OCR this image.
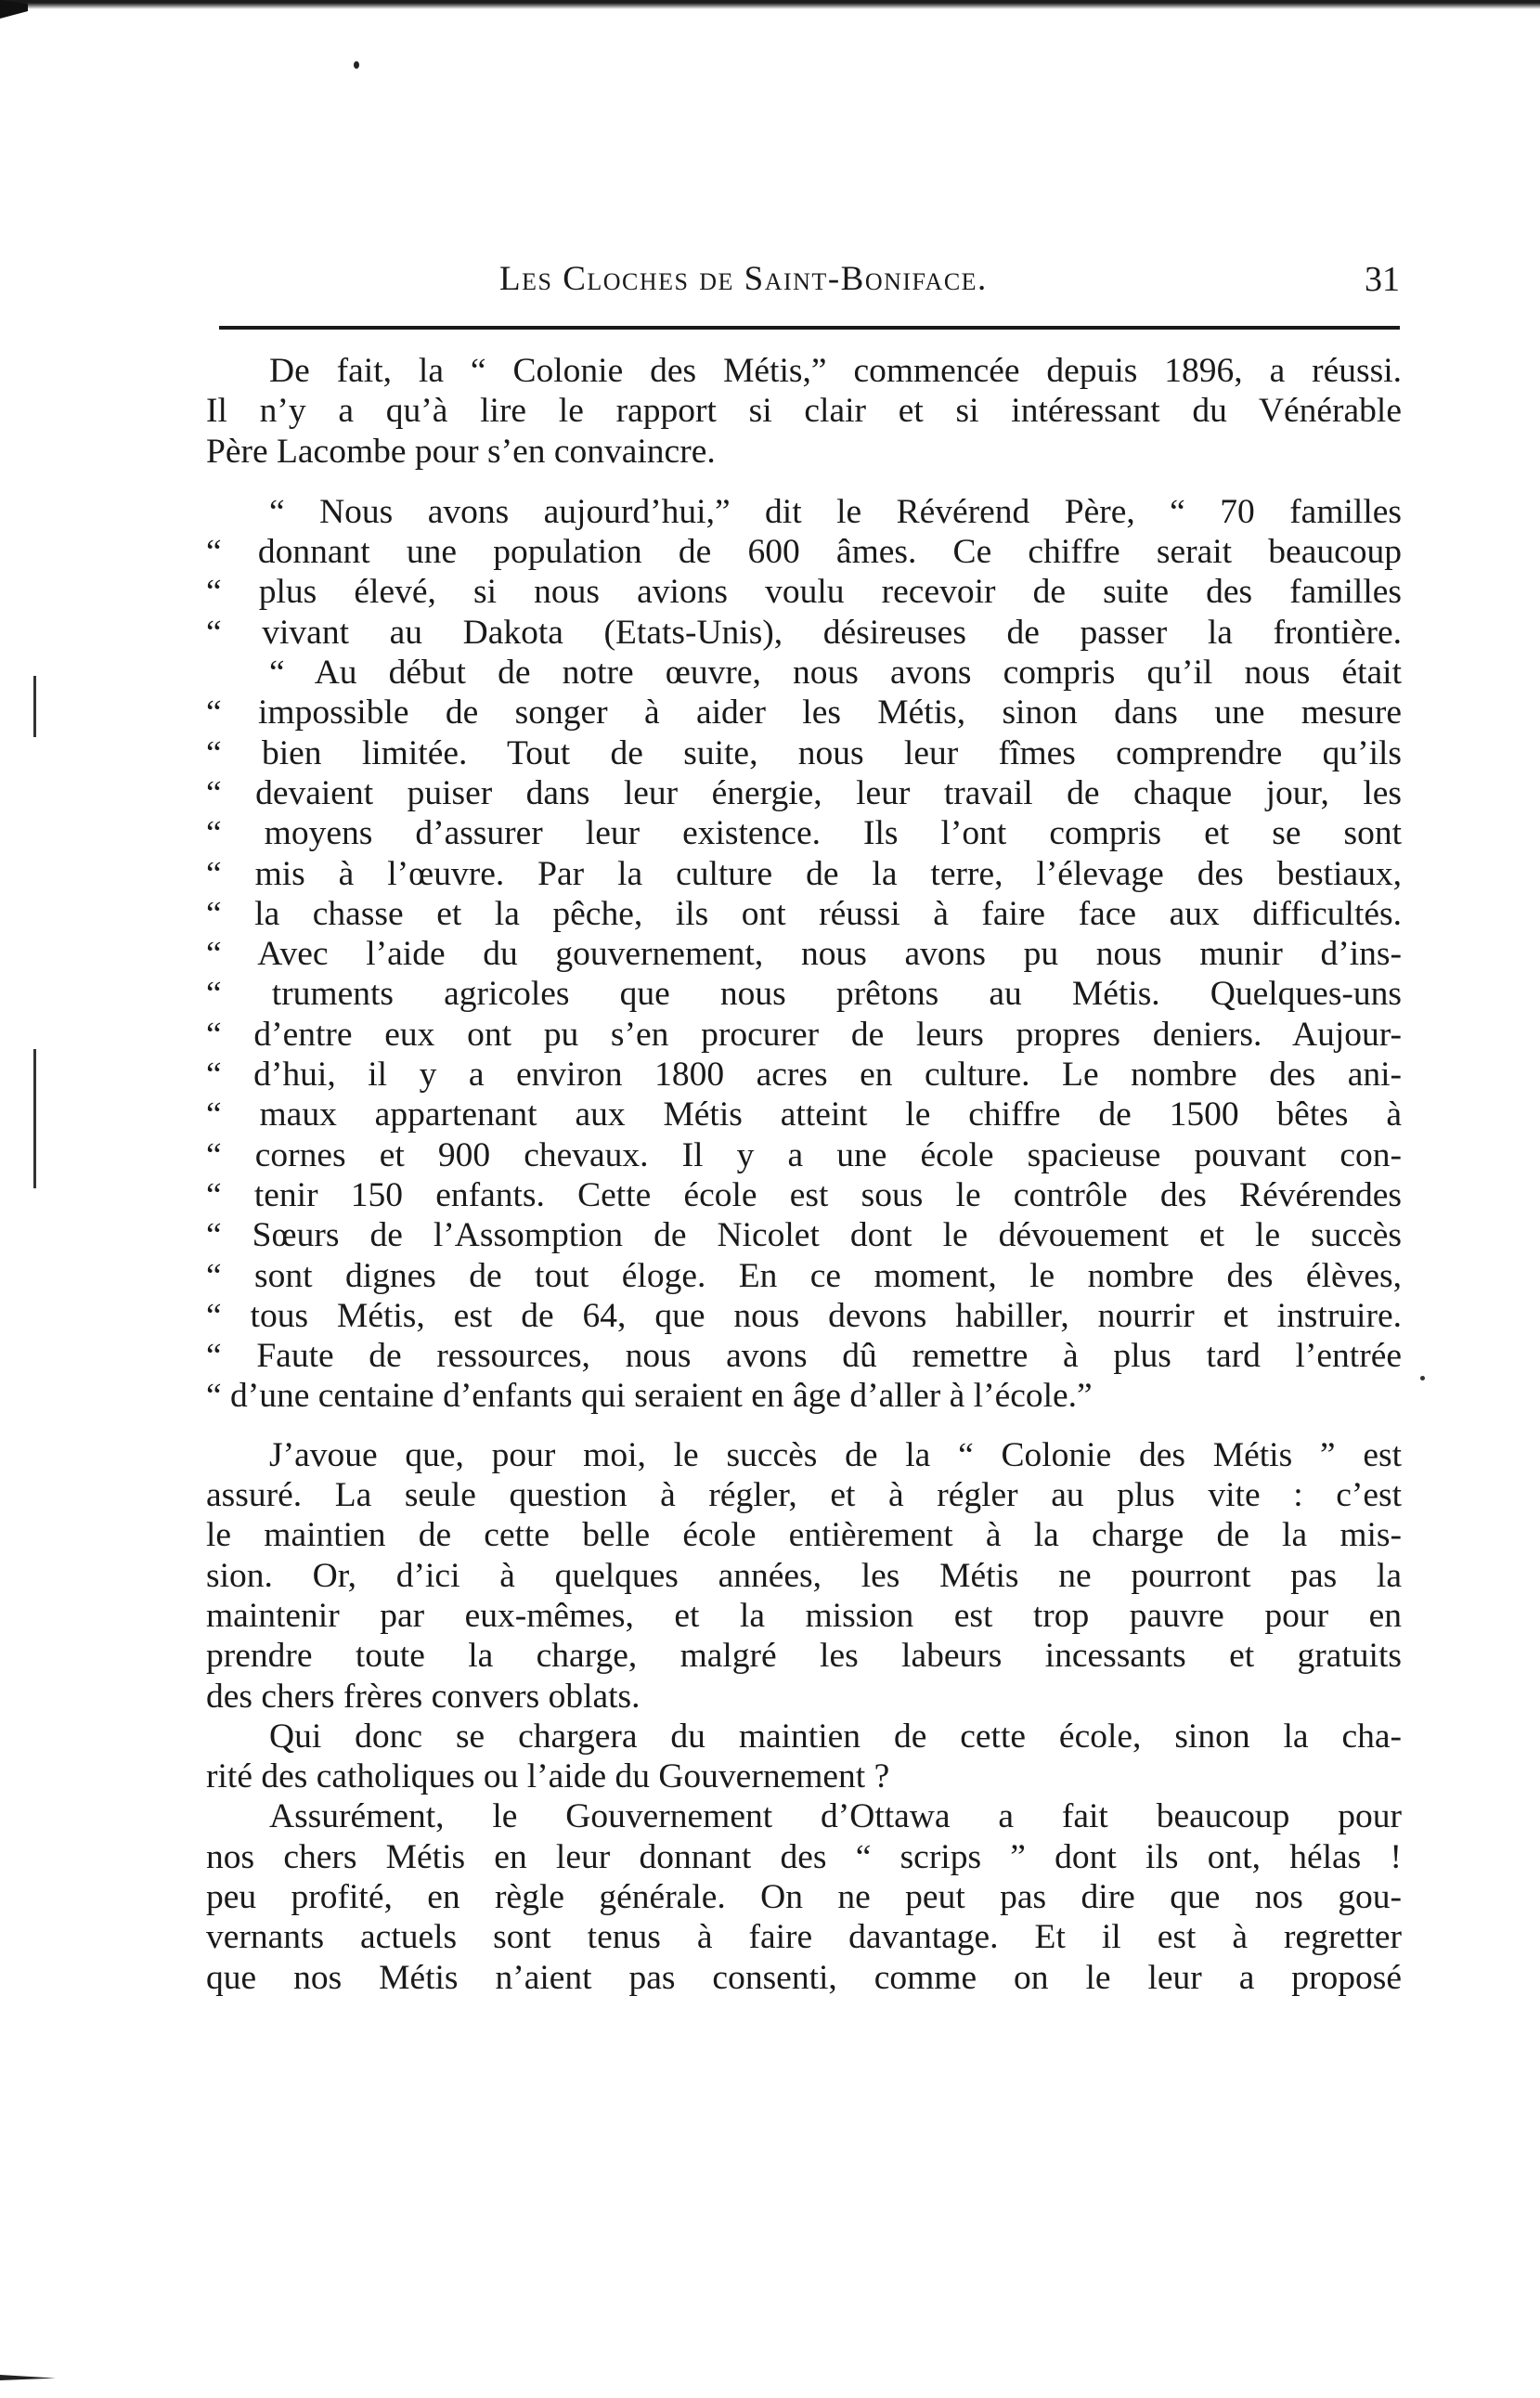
Les Cloches de Saint-Boniface.	31
De fait, la “ Colonie des Métis,” commencée depuis 1896, a réussi.
Il n’y a qu’à lire le rapport si clair et si intéressant du Vénérable
Père Lacombe pour s’en convaincre.
“ Nous avons aujourd’hui,” dit le Révérend Père, “ 70 familles
“ donnant une population de 600 âmes. Ce chiffre serait beaucoup
“ plus élevé, si nous avions voulu recevoir de suite des familles
“ vivant au Dakota (Etats-Unis), désireuses de passer la frontière.
“ Au début de notre œuvre, nous avons compris qu’il nous était
“ impossible de songer à aider les Métis, sinon dans une mesure
“ bien limitée. Tout de suite, nous leur fîmes comprendre qu’ils
“ devaient puiser dans leur énergie, leur travail de chaque jour, les
“ moyens d’assurer leur existence. Ils l’ont compris et se sont
“ mis à l’œuvre. Par la culture de la terre, l’élevage des bestiaux,
“ la chasse et la pêche, ils ont réussi à faire face aux difficultés.
“ Avec l’aide du gouvernement, nous avons pu nous munir d’ins-
“ truments agricoles que nous prêtons au Métis. Quelques-uns
“ d’entre eux ont pu s’en procurer de leurs propres deniers. Aujour-
“ d’hui, il y a environ 1800 acres en culture. Le nombre des ani-
“ maux appartenant aux Métis atteint le chiffre de 1500 bêtes à
“ cornes et 900 chevaux. Il y a une école spacieuse pouvant con-
“ tenir 150 enfants. Cette école est sous le contrôle des Révérendes
“ Sœurs de l’Assomption de Nicolet dont le dévouement et le succès
“ sont dignes de tout éloge. En ce moment, le nombre des élèves,
“ tous Métis, est de 64, que nous devons habiller, nourrir et instruire.
“ Faute de ressources, nous avons dû remettre à plus tard l’entrée
“ d’une centaine d’enfants qui seraient en âge d’aller à l’école.”
J’avoue que, pour moi, le succès de la “ Colonie des Métis ” est
assuré. La seule question à régler, et à régler au plus vite : c’est
le maintien de cette belle école entièrement à la charge de la mis-
sion. Or, d’ici à quelques années, les Métis ne pourront pas la
maintenir par eux-mêmes, et la mission est trop pauvre pour en
prendre toute la charge, malgré les labeurs incessants et gratuits
des chers frères convers oblats.
Qui donc se chargera du maintien de cette école, sinon la cha-
rité des catholiques ou l’aide du Gouvernement ?
Assurément, le Gouvernement d’Ottawa a fait beaucoup pour
nos chers Métis en leur donnant des “ scrips ” dont ils ont, hélas !
peu profité, en règle générale. On ne peut pas dire que nos gou-
vernants actuels sont tenus à faire davantage. Et il est à regretter
que nos Métis n’aient pas consenti, comme on le leur a proposé
